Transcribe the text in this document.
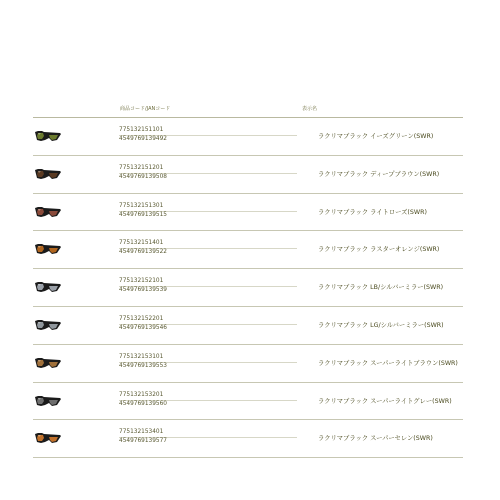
商品コード/JANコード	表示名
775132151101
4549769139492	ラクリマブラック イーズグリーン(SWR)
775132151201
4549769139508	ラクリマブラック ディープブラウン(SWR)
775132151301
4549769139515	ラクリマブラック ライトローズ(SWR)
775132151401
4549769139522	ラクリマブラック ラスターオレンジ(SWR)
775132152101
4549769139539	ラクリマブラック LB/シルバーミラー(SWR)
775132152201
4549769139546	ラクリマブラック LG/シルバーミラー(SWR)
775132153101
4549769139553	ラクリマブラック スーパーライトブラウン(SWR)
775132153201
4549769139560	ラクリマブラック スーパーライトグレー(SWR)
775132153401
4549769139577	ラクリマブラック スーパーセレン(SWR)
